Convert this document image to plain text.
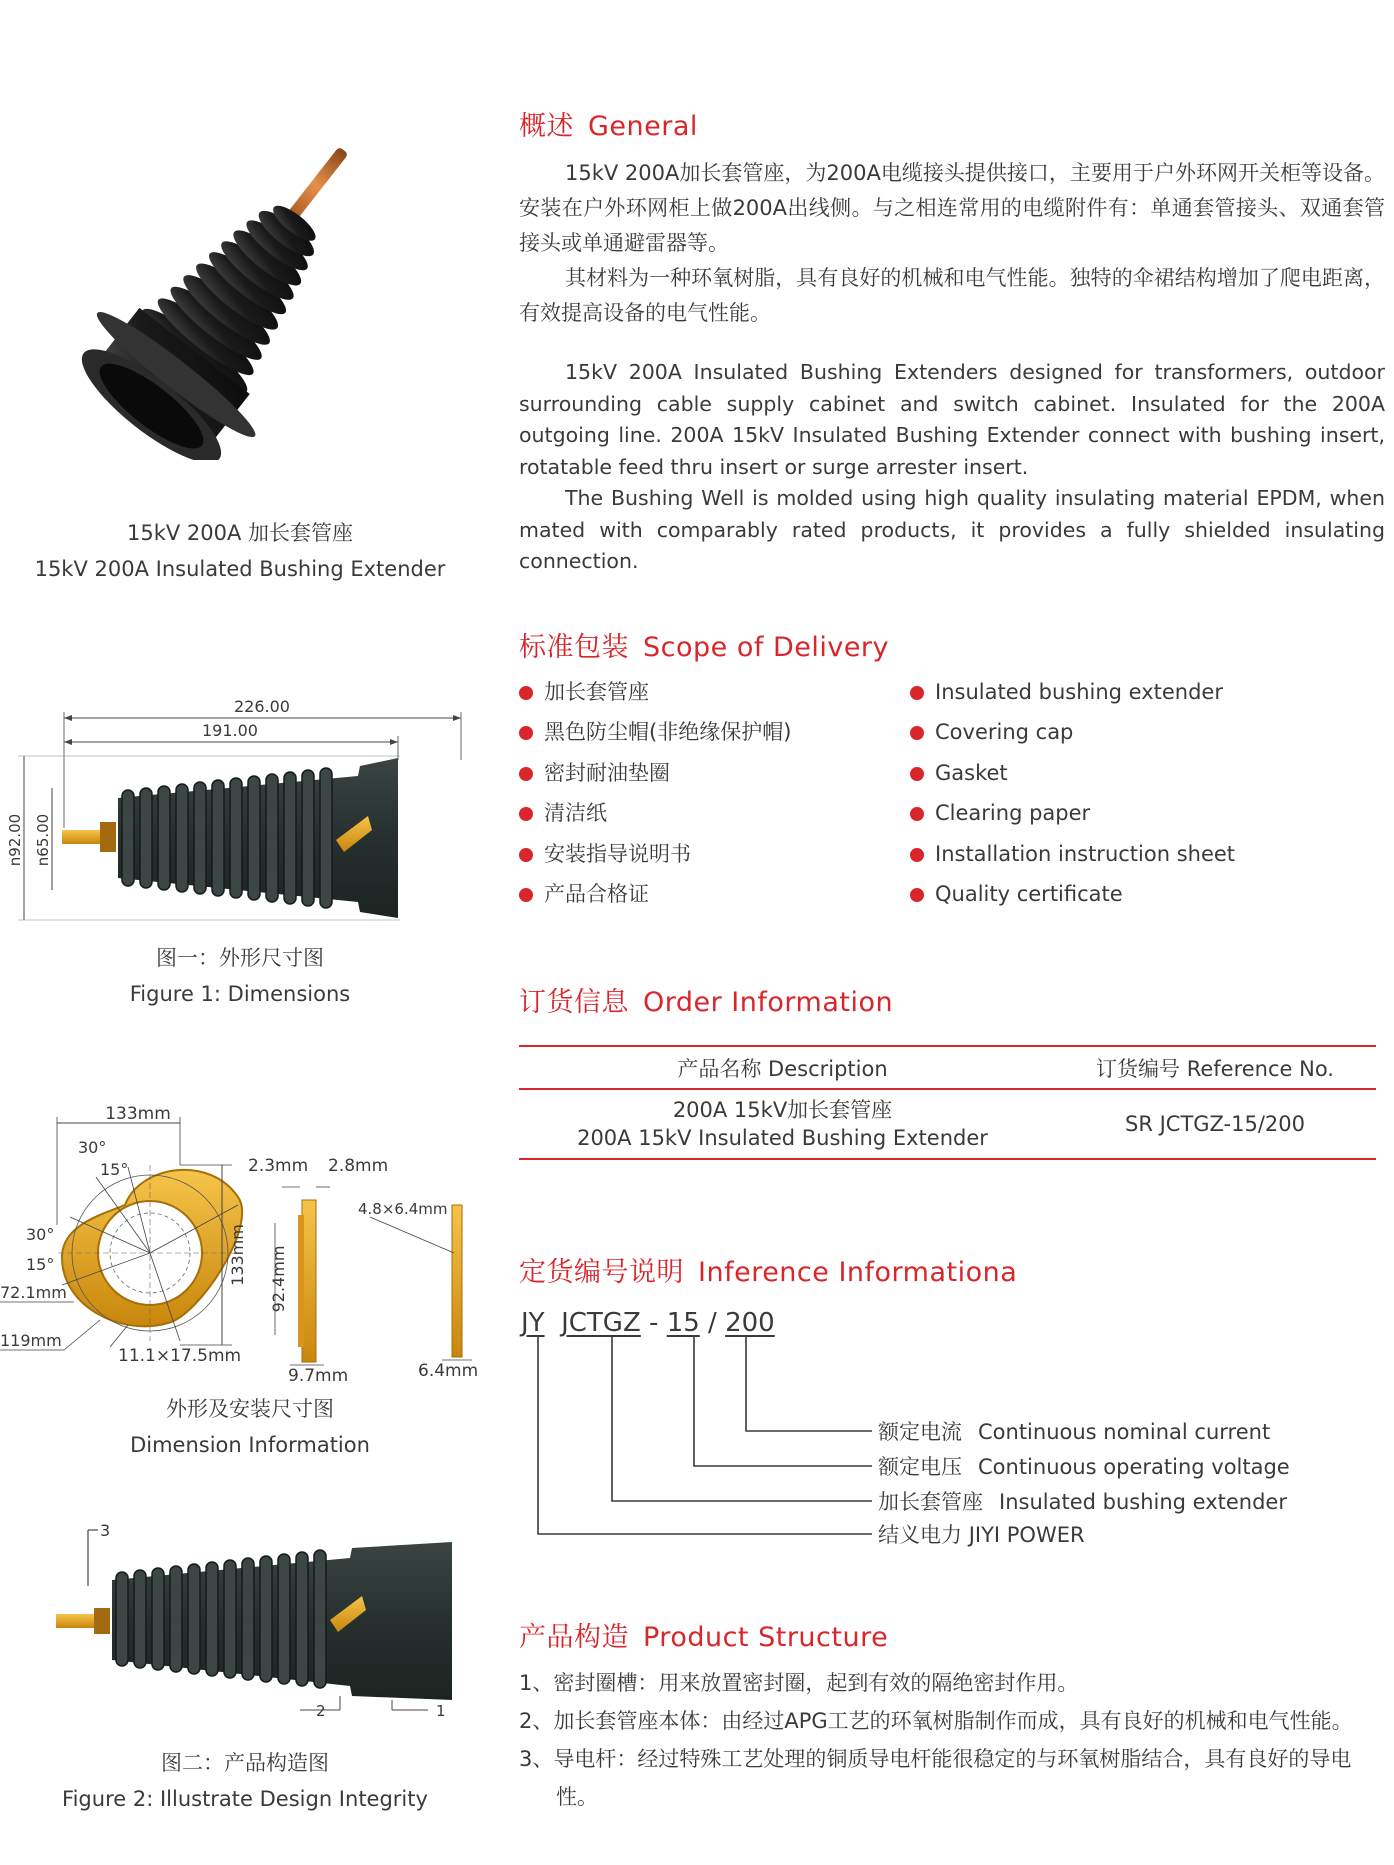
15kV 200A 加长套管座
15kV 200A Insulated Bushing Extender
226.00
191.00
n92.00 n65.00
图一：外形尺寸图
Figure 1: Dimensions
133mm
30°
15°
30°
15°
72.1mm
119mm
11.1×17.5mm
133mm 92.4mm
2.3mm 2.8mm
9.7mm
4.8×6.4mm
6.4mm
外形及安装尺寸图
Dimension Information
3
2	1
图二：产品构造图
Figure 2: Illustrate Design Integrity
概述 General
15kV 200A加长套管座，为200A电缆接头提供接口，主要用于户外环网开关柜等设备。安装在户外环网柜上做200A出线侧。与之相连常用的电缆附件有：单通套管接头、双通套管接头或单通避雷器等。
其材料为一种环氧树脂，具有良好的机械和电气性能。独特的伞裙结构增加了爬电距离，有效提高设备的电气性能。
15kV 200A Insulated Bushing Extenders designed for transformers, outdoor surrounding cable supply cabinet and switch cabinet. Insulated for the 200A outgoing line. 200A 15kV Insulated Bushing Extender connect with bushing insert, rotatable feed thru insert or surge arrester insert.
The Bushing Well is molded using high quality insulating material EPDM, when mated with comparably rated products, it provides a fully shielded insulating connection.
标准包装 Scope of Delivery
加长套管座
黑色防尘帽(非绝缘保护帽)
密封耐油垫圈
清洁纸
安装指导说明书
产品合格证
Insulated bushing extender
Covering cap
Gasket
Clearing paper
Installation instruction sheet
Quality certificate
订货信息 Order Information
产品名称 Description		订货编号 Reference No.

200A 15kV加长套管座
200A 15kV Insulated Bushing Extender		SR JCTGZ-15/200
定货编号说明 Inference Informationa
JY JCTGZ - 15 / 200
额定电流 Continuous nominal current
额定电压 Continuous operating voltage
加长套管座 Insulated bushing extender
结义电力 JIYI POWER
产品构造 Product Structure
1、密封圈槽：用来放置密封圈，起到有效的隔绝密封作用。
2、加长套管座本体：由经过APG工艺的环氧树脂制作而成，具有良好的机械和电气性能。
3、导电杆：经过特殊工艺处理的铜质导电杆能很稳定的与环氧树脂结合，具有良好的导电性。
